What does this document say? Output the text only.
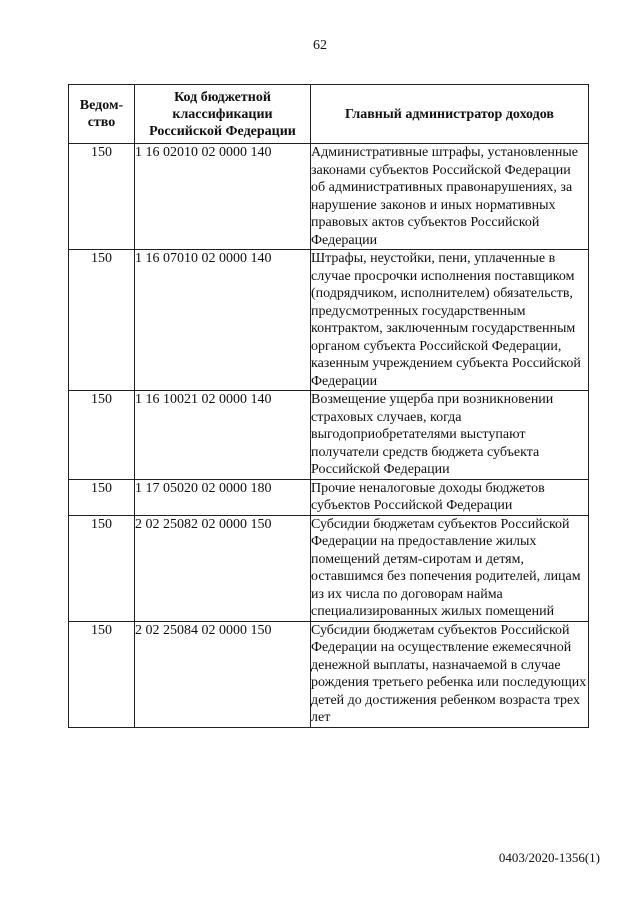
62
Ведом-ство	Код бюджетной классификации Российской Федерации	Главный администратор доходов
150	1 16 02010 02 0000 140	Административные штрафы, установленные законами субъектов Российской Федерации об административных правонарушениях, за нарушение законов и иных нормативных правовых актов субъектов Российской Федерации
150	1 16 07010 02 0000 140	Штрафы, неустойки, пени, уплаченные в случае просрочки исполнения поставщиком (подрядчиком, исполнителем) обязательств, предусмотренных государственным контрактом, заключенным государственным органом субъекта Российской Федерации, казенным учреждением субъекта Российской Федерации
150	1 16 10021 02 0000 140	Возмещение ущерба при возникновении страховых случаев, когда выгодоприобретателями выступают получатели средств бюджета субъекта Российской Федерации
150	1 17 05020 02 0000 180	Прочие неналоговые доходы бюджетов субъектов Российской Федерации
150	2 02 25082 02 0000 150	Субсидии бюджетам субъектов Российской Федерации на предоставление жилых помещений детям-сиротам и детям, оставшимся без попечения родителей, лицам из их числа по договорам найма специализированных жилых помещений
150	2 02 25084 02 0000 150	Субсидии бюджетам субъектов Российской Федерации на осуществление ежемесячной денежной выплаты, назначаемой в случае рождения третьего ребенка или последующих детей до достижения ребенком возраста трех лет
0403/2020-1356(1)
